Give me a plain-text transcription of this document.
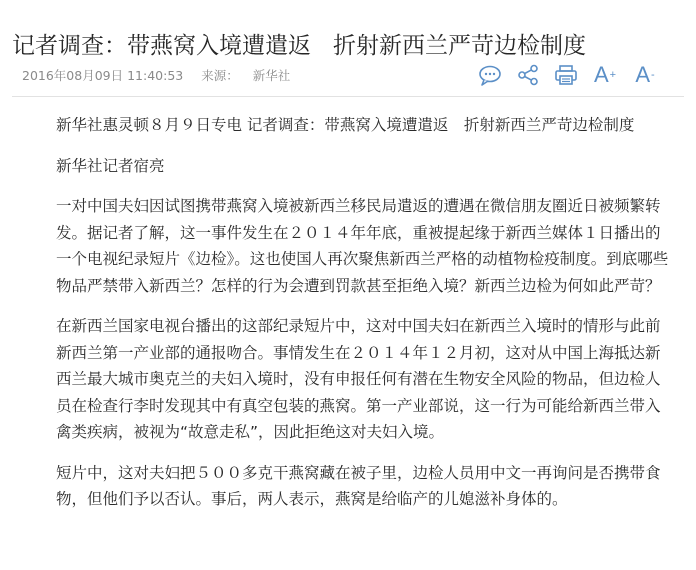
记者调查：带燕窝入境遭遣返 折射新西兰严苛边检制度
2016年08月09日 11:40:53 来源： 新华社	A + A -

新华社惠灵顿８月９日专电 记者调查：带燕窝入境遭遣返　折射新西兰严苛边检制度

新华社记者宿亮

一对中国夫妇因试图携带燕窝入境被新西兰移民局遣返的遭遇在微信朋友圈近日被频繁转发。据记者了解，这一事件发生在２０１４年年底，重被提起缘于新西兰媒体１日播出的一个电视纪录短片《边检》。这也使国人再次聚焦新西兰严格的动植物检疫制度。到底哪些物品严禁带入新西兰？怎样的行为会遭到罚款甚至拒绝入境？新西兰边检为何如此严苛？

在新西兰国家电视台播出的这部纪录短片中，这对中国夫妇在新西兰入境时的情形与此前新西兰第一产业部的通报吻合。事情发生在２０１４年１２月初，这对从中国上海抵达新西兰最大城市奥克兰的夫妇入境时，没有申报任何有潜在生物安全风险的物品，但边检人员在检查行李时发现其中有真空包装的燕窝。第一产业部说，这一行为可能给新西兰带入禽类疾病，被视为“故意走私”，因此拒绝这对夫妇入境。

短片中，这对夫妇把５００多克干燕窝藏在被子里，边检人员用中文一再询问是否携带食物，但他们予以否认。事后，两人表示，燕窝是给临产的儿媳滋补身体的。
